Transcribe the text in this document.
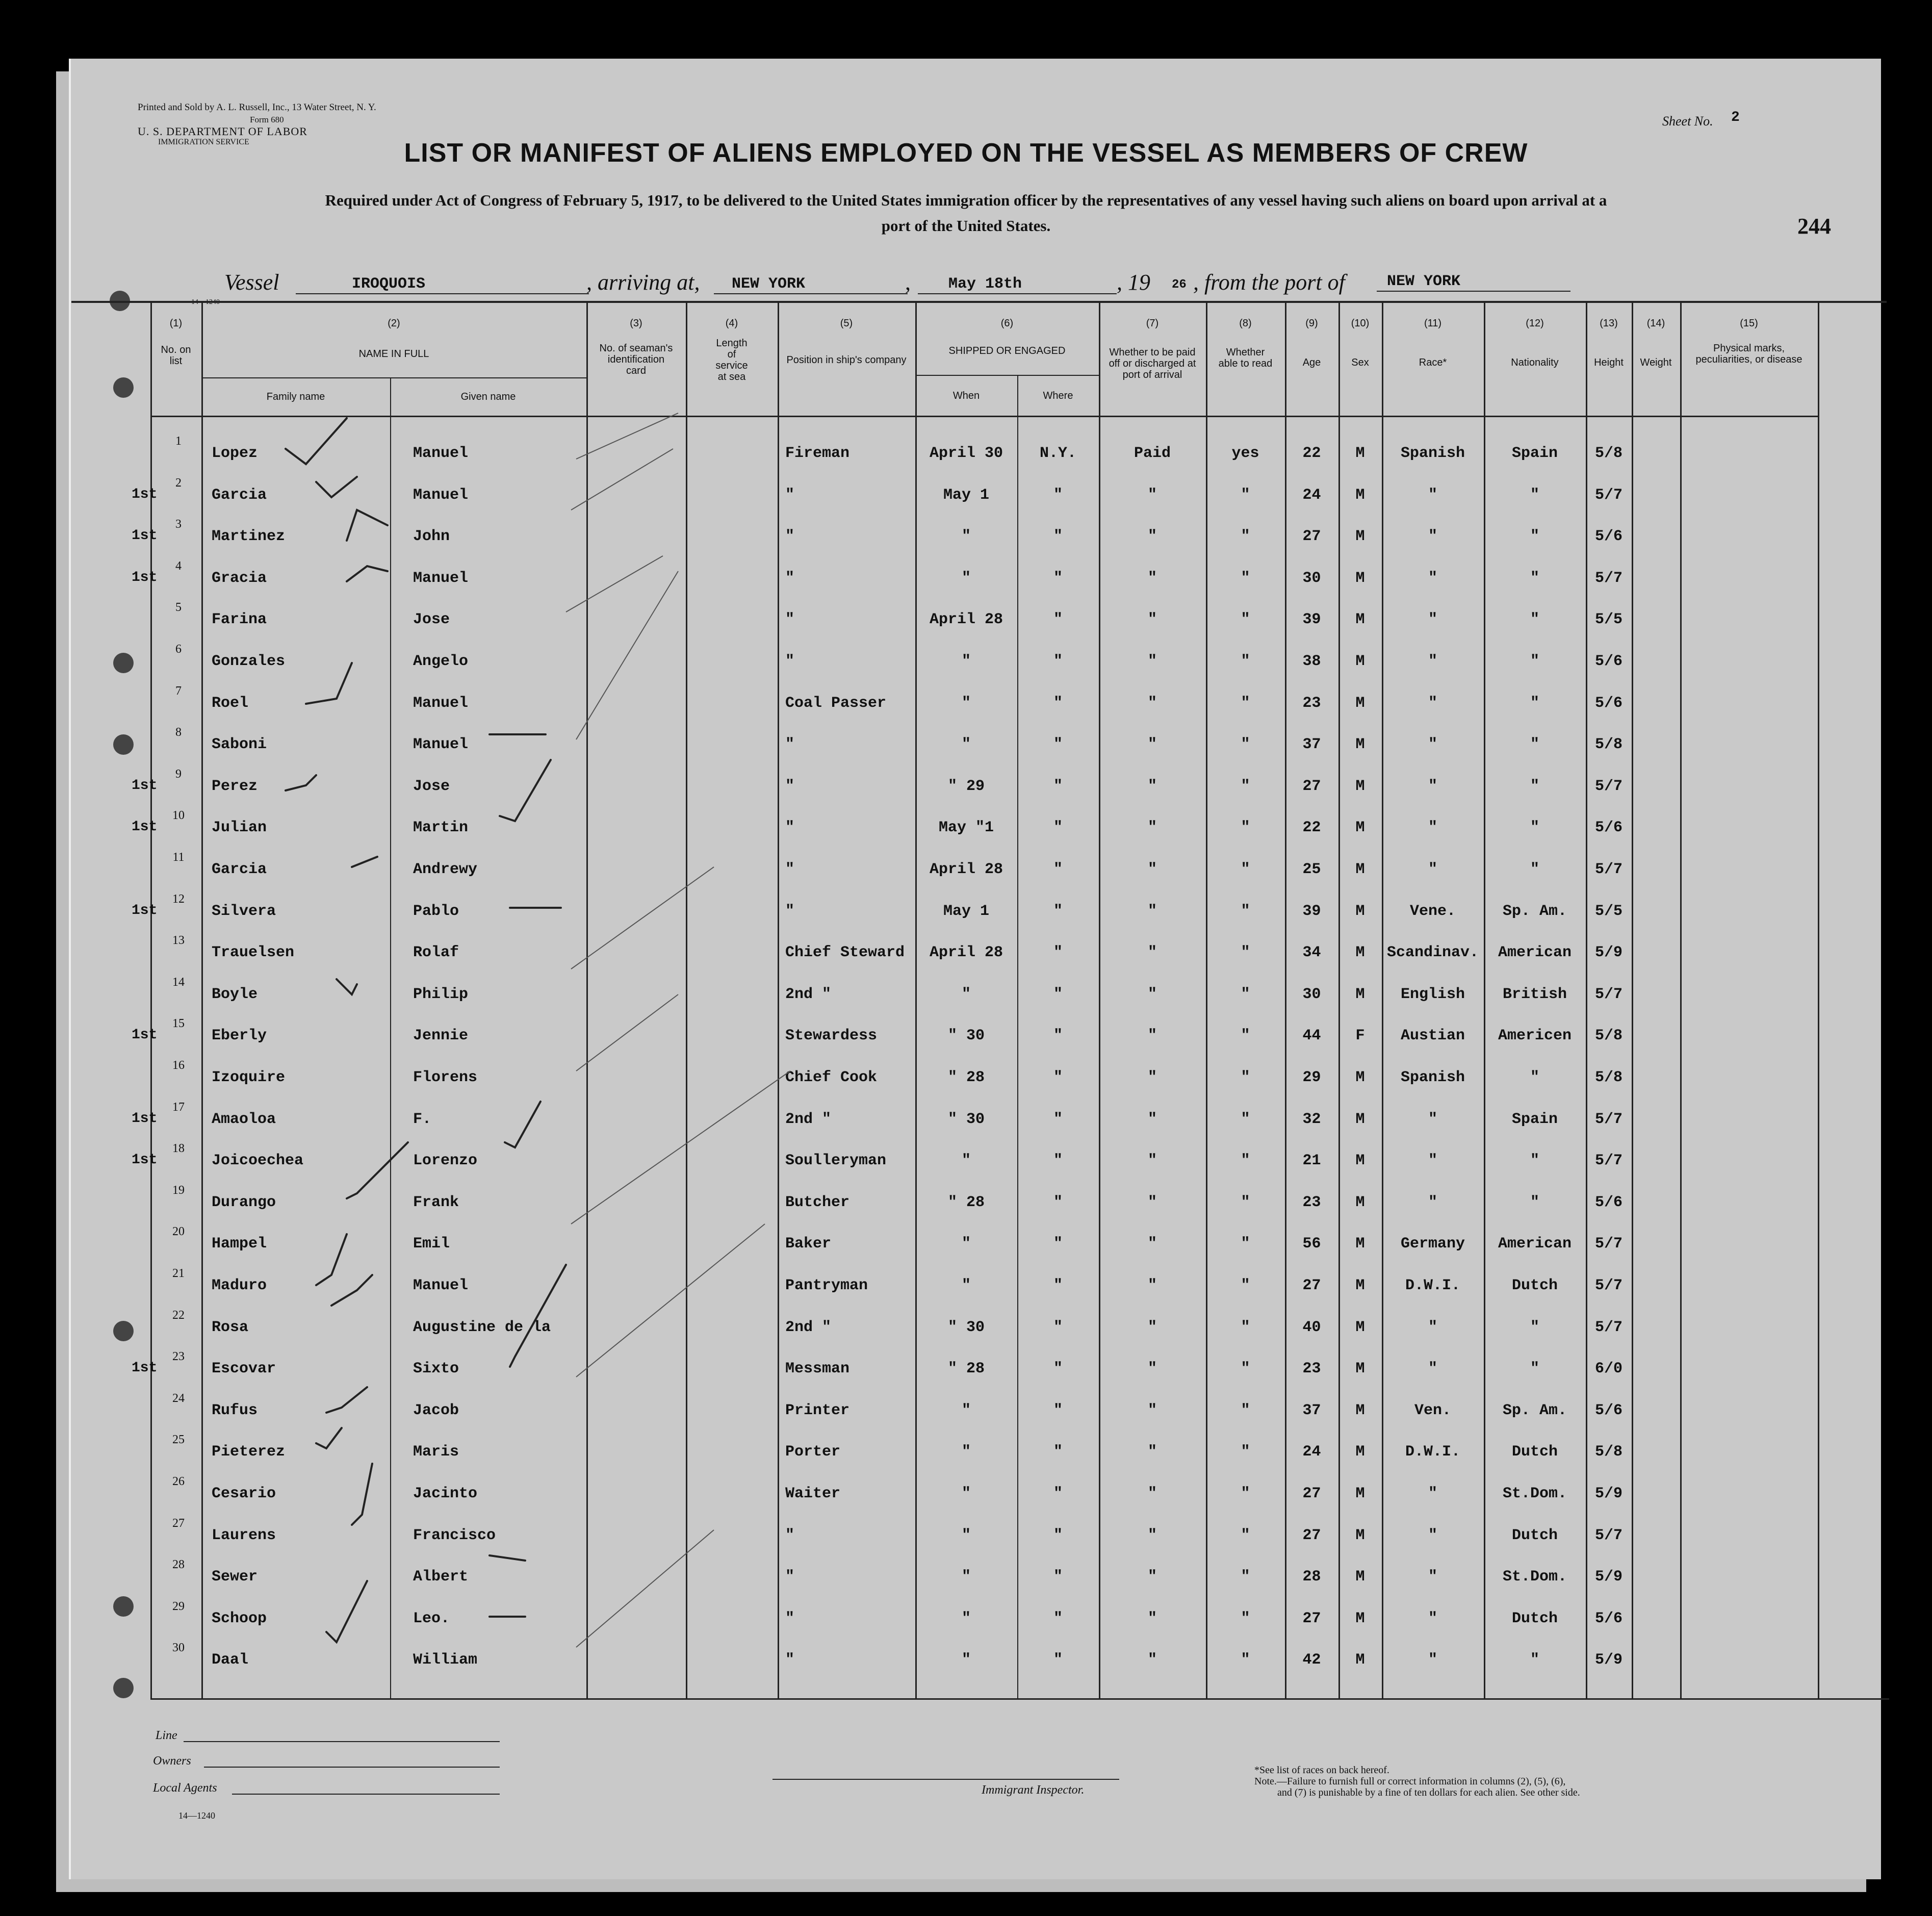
Printed and Sold by A. L. Russell, Inc., 13 Water Street, N. Y.
Form 680
U. S. DEPARTMENT OF LABOR
IMMIGRATION SERVICE
Sheet No. 2
LIST OR MANIFEST OF ALIENS EMPLOYED ON THE VESSEL AS MEMBERS OF CREW
Required under Act of Congress of February 5, 1917, to be delivered to the United States immigration officer by the representatives of any vessel having such aliens on board upon arrival at a
port of the United States.	244
Vessel	IROQUOIS	, arriving at, NEW YORK	, May 18th	, 19 26 , from the port of	NEW YORK
(1)
No. on list
(2)
NAME IN FULL
Family name	Given name
(3)
No. of seaman's identification card
(4)
Length of service at sea
(5)
Position in ship's company
(6)
SHIPPED OR ENGAGED
When	Where
(7)
Whether to be paid off or discharged at port of arrival
(8)
Whether able to read
(9)
Age
(10)
Sex
(11)
Race*
(12)
Nationality
(13)
Height
(14)
Weight
(15)
Physical marks, peculiarities, or disease
1
Lopez	Manuel	Fireman	April 30	N.Y.	Paid	yes	22	M	Spanish	Spain	5/8
2
1st	Garcia	Manuel	"	May 1	"	"	"	24	M	"	"	5/7
3
1st	Martinez	John	"	"	"	"	"	27	M	"	"	5/6
4
1st	Gracia	Manuel	"	"	"	"	"	30	M	"	"	5/7
5
Farina	Jose	"	April 28	"	"	"	39	M	"	"	5/5
6
Gonzales	Angelo	"	"	"	"	"	38	M	"	"	5/6
7
Roel	Manuel	Coal Passer	"	"	"	"	23	M	"	"	5/6
8
Saboni	Manuel	"	"	"	"	"	37	M	"	"	5/8
9
1st	Perez	Jose	"	" 29	"	"	"	27	M	"	"	5/7
10
1st	Julian	Martin	"	May "1	"	"	"	22	M	"	"	5/6
11
Garcia	Andrewy	"	April 28	"	"	"	25	M	"	"	5/7
12
1st	Silvera	Pablo	"	May 1	"	"	"	39	M	Vene.	Sp. Am.	5/5
13
Trauelsen	Rolaf	Chief Steward	April 28	"	"	"	34	M	Scandinav.	American	5/9
14
Boyle	Philip	2nd "	"	"	"	"	30	M	English	British	5/7
15
1st	Eberly	Jennie	Stewardess	" 30	"	"	"	44	F	Austian	Americen	5/8
16
Izoquire	Florens	Chief Cook	" 28	"	"	"	29	M	Spanish	"	5/8
17
1st	Amaoloa	F.	2nd "	" 30	"	"	"	32	M	"	Spain	5/7
18
1st	Joicoechea	Lorenzo	Soulleryman	"	"	"	"	21	M	"	"	5/7
19
Durango	Frank	Butcher	" 28	"	"	"	23	M	"	"	5/6
20
Hampel	Emil	Baker	"	"	"	"	56	M	Germany	American	5/7
21
Maduro	Manuel	Pantryman	"	"	"	"	27	M	D.W.I.	Dutch	5/7
22
Rosa	Augustine de la	2nd "	" 30	"	"	"	40	M	"	"	5/7
23
1st	Escovar	Sixto	Messman	" 28	"	"	"	23	M	"	"	6/0
24
Rufus	Jacob	Printer	"	"	"	"	37	M	Ven.	Sp. Am.	5/6
25
Pieterez	Maris	Porter	"	"	"	"	24	M	D.W.I.	Dutch	5/8
26
Cesario	Jacinto	Waiter	"	"	"	"	27	M	"	St.Dom.	5/9
27
Laurens	Francisco	"	"	"	"	"	27	M	"	Dutch	5/7
28
Sewer	Albert	"	"	"	"	"	28	M	"	St.Dom.	5/9
29
Schoop	Leo.	"	"	"	"	"	27	M	"	Dutch	5/6
30
Daal	William	"	"	"	"	"	42	M	"	"	5/9
Line
Owners
Local Agents
14—1240
Immigrant Inspector.
*See list of races on back hereof.
Note.—Failure to furnish full or correct information in columns (2), (5), (6),
and (7) is punishable by a fine of ten dollars for each alien. See other side.
